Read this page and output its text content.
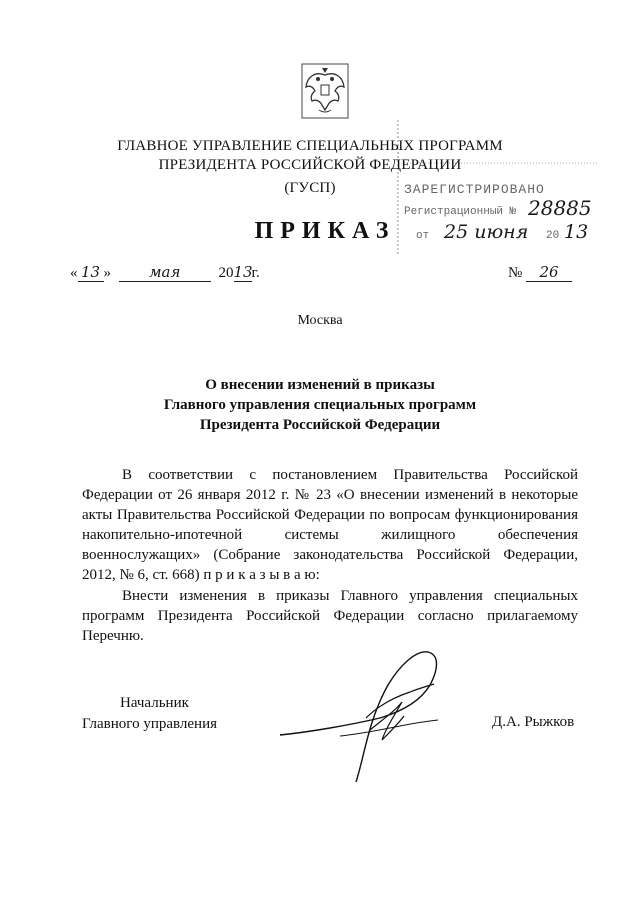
ЗАРЕГИСТРИРОВАНО
Регистрационный № 28885
от 25 июня 20 13
ГЛАВНОЕ УПРАВЛЕНИЕ СПЕЦИАЛЬНЫХ ПРОГРАММ
ПРЕЗИДЕНТА РОССИЙСКОЙ ФЕДЕРАЦИИ
(ГУСП)
ПРИКАЗ
« 13 »	мая	2013г.	№ 26
Москва
О внесении изменений в приказы
Главного управления специальных программ
Президента Российской Федерации
В соответствии с постановлением Правительства Российской Федерации от 26 января 2012 г. № 23 «О внесении изменений в некоторые акты Правительства Российской Федерации по вопросам функционирования накопительно-ипотечной системы жилищного обеспечения военнослужащих» (Собрание законодательства Российской Федерации, 2012, № 6, ст. 668) п р и к а з ы в а ю:
Внести изменения в приказы Главного управления специальных программ Президента Российской Федерации согласно прилагаемому Перечню.
Начальник
Главного управления	Д.А. Рыжков
